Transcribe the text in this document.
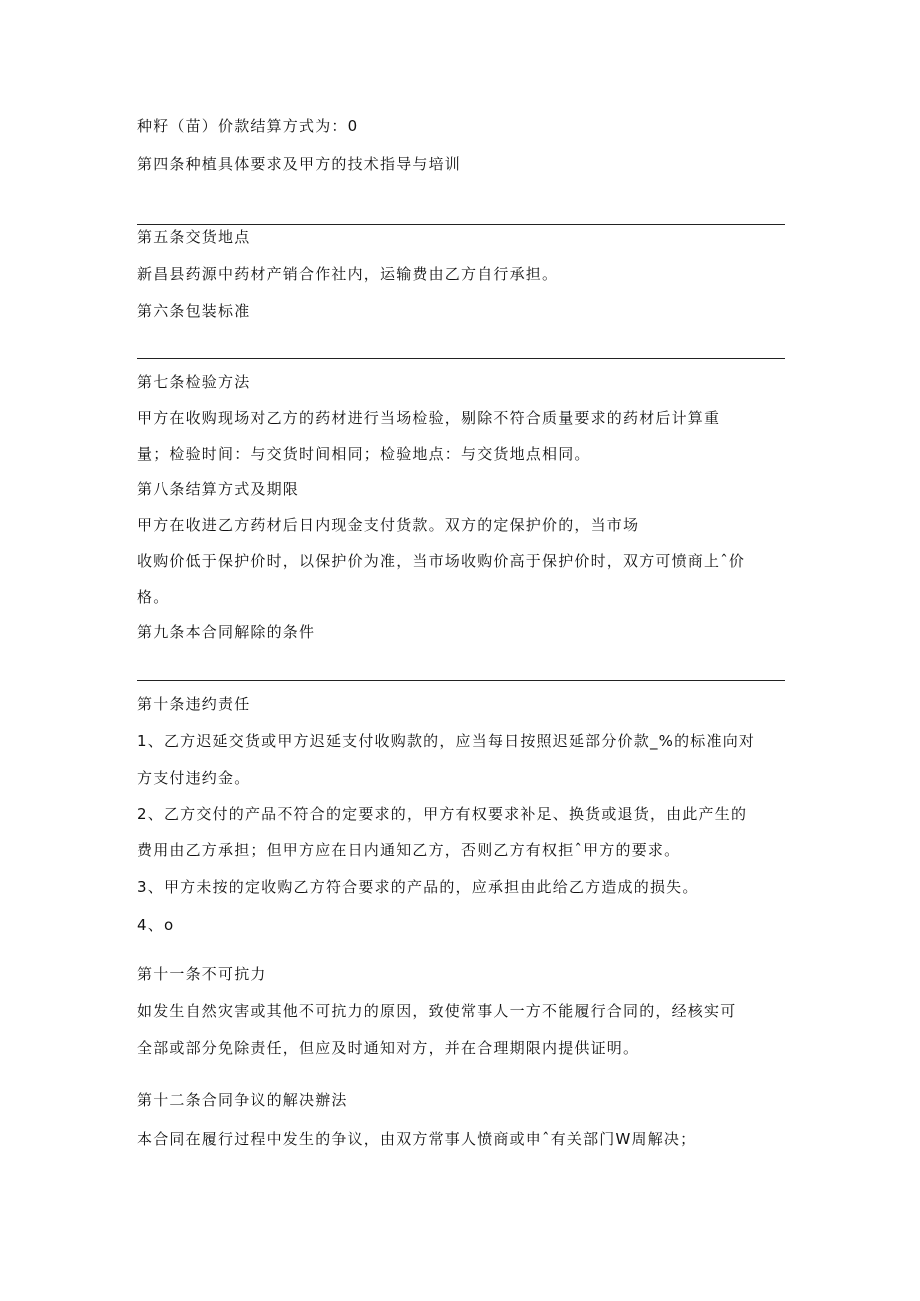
种籽（苗）价款结算方式为：0
第四条种植具体要求及甲方的技术指导与培训
第五条交货地点
新昌县药源中药材产销合作社内，运输费由乙方自行承担。
第六条包装标准
第七条检验方法
甲方在收购现场对乙方的药材进行当场检验，剔除不符合质量要求的药材后计算重
量；检验时间：与交货时间相同；检验地点：与交货地点相同。
第八条结算方式及期限
甲方在收进乙方药材后日内现金支付货款。双方的定保护价的，当市场
收购价低于保护价时，以保护价为准，当市场收购价高于保护价时，双方可愤商上ˆ价
格。
第九条本合同解除的条件
第十条违约责任
1、乙方迟延交货或甲方迟延支付收购款的，应当每日按照迟延部分价款_%的标准向对
方支付违约金。
2、乙方交付的产品不符合的定要求的，甲方有权要求补足、换货或退货，由此产生的
费用由乙方承担；但甲方应在日内通知乙方，否则乙方有权拒ˆ甲方的要求。
3、甲方未按的定收购乙方符合要求的产品的，应承担由此给乙方造成的损失。
4、o
第十一条不可抗力
如发生自然灾害或其他不可抗力的原因，致使常事人一方不能履行合同的，经核实可
全部或部分免除责任，但应及时通知对方，并在合理期限内提供证明。
第十二条合同争议的解决辦法
本合同在履行过程中发生的争议，由双方常事人愤商或申ˆ有关部门W周解决；
